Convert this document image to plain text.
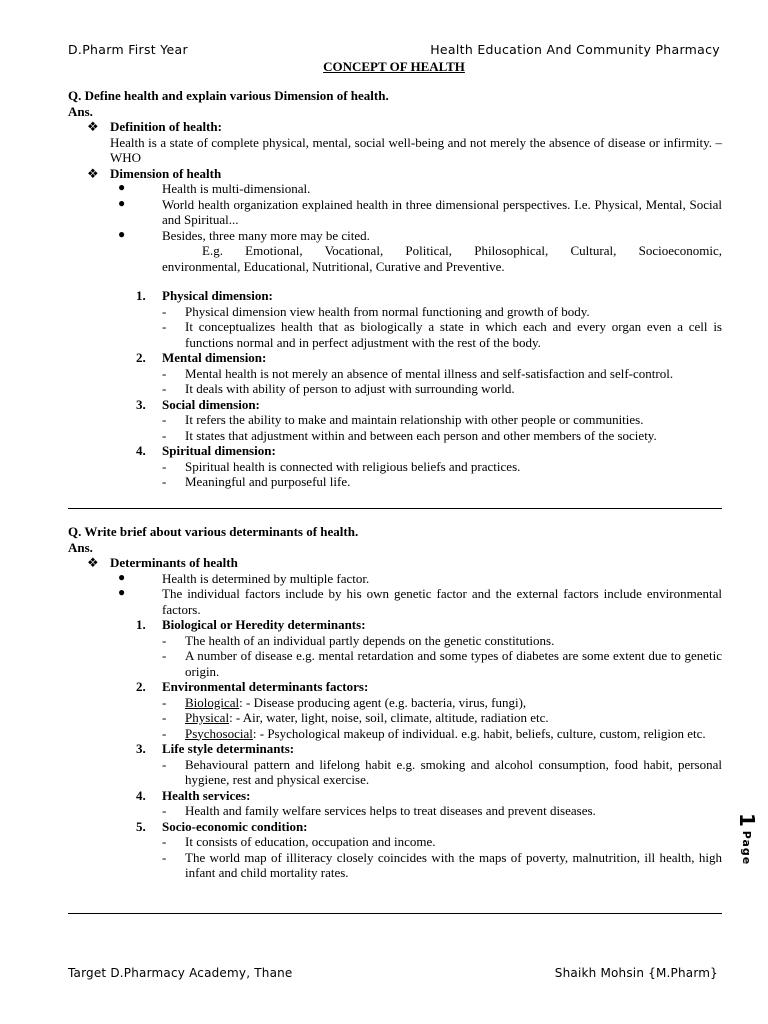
D.Pharm First Year	Health Education And Community Pharmacy
CONCEPT OF HEALTH

Q. Define health and explain various Dimension of health.

Ans.
❖ Definition of health:
Health is a state of complete physical, mental, social well-being and not merely the absence of disease or infirmity. –WHO
❖ Dimension of health
●	Health is multi-dimensional.
●	World health organization explained health in three dimensional perspectives. I.e. Physical, Mental, Social and Spiritual...
●	Besides, three many more may be cited.
E.g. Emotional, Vocational, Political, Philosophical, Cultural, Socioeconomic,
environmental, Educational, Nutritional, Curative and Preventive.
1. Physical dimension:
- Physical dimension view health from normal functioning and growth of body.
- It conceptualizes health that as biologically a state in which each and every organ even a cell is functions normal and in perfect adjustment with the rest of the body.
2. Mental dimension:
- Mental health is not merely an absence of mental illness and self-satisfaction and self-control.
- It deals with ability of person to adjust with surrounding world.
3. Social dimension:
- It refers the ability to make and maintain relationship with other people or communities.
- It states that adjustment within and between each person and other members of the society.
4. Spiritual dimension:
- Spiritual health is connected with religious beliefs and practices.
- Meaningful and purposeful life.

Q. Write brief about various determinants of health.

Ans.
❖ Determinants of health
●	Health is determined by multiple factor.
●	The individual factors include by his own genetic factor and the external factors include environmental factors.
1. Biological or Heredity determinants:
- The health of an individual partly depends on the genetic constitutions.
- A number of disease e.g. mental retardation and some types of diabetes are some extent due to genetic origin.
2. Environmental determinants factors:
- Biological: - Disease producing agent (e.g. bacteria, virus, fungi),
- Physical: - Air, water, light, noise, soil, climate, altitude, radiation etc.
- Psychosocial: - Psychological makeup of individual. e.g. habit, beliefs, culture, custom, religion etc.
3. Life style determinants:
- Behavioural pattern and lifelong habit e.g. smoking and alcohol consumption, food habit, personal hygiene, rest and physical exercise.
4. Health services:
- Health and family welfare services helps to treat diseases and prevent diseases.
5. Socio-economic condition:
- It consists of education, occupation and income.
- The world map of illiteracy closely coincides with the maps of poverty, malnutrition, ill health, high infant and child mortality rates.
1
Page
Target D.Pharmacy Academy, Thane	Shaikh Mohsin {M.Pharm}
